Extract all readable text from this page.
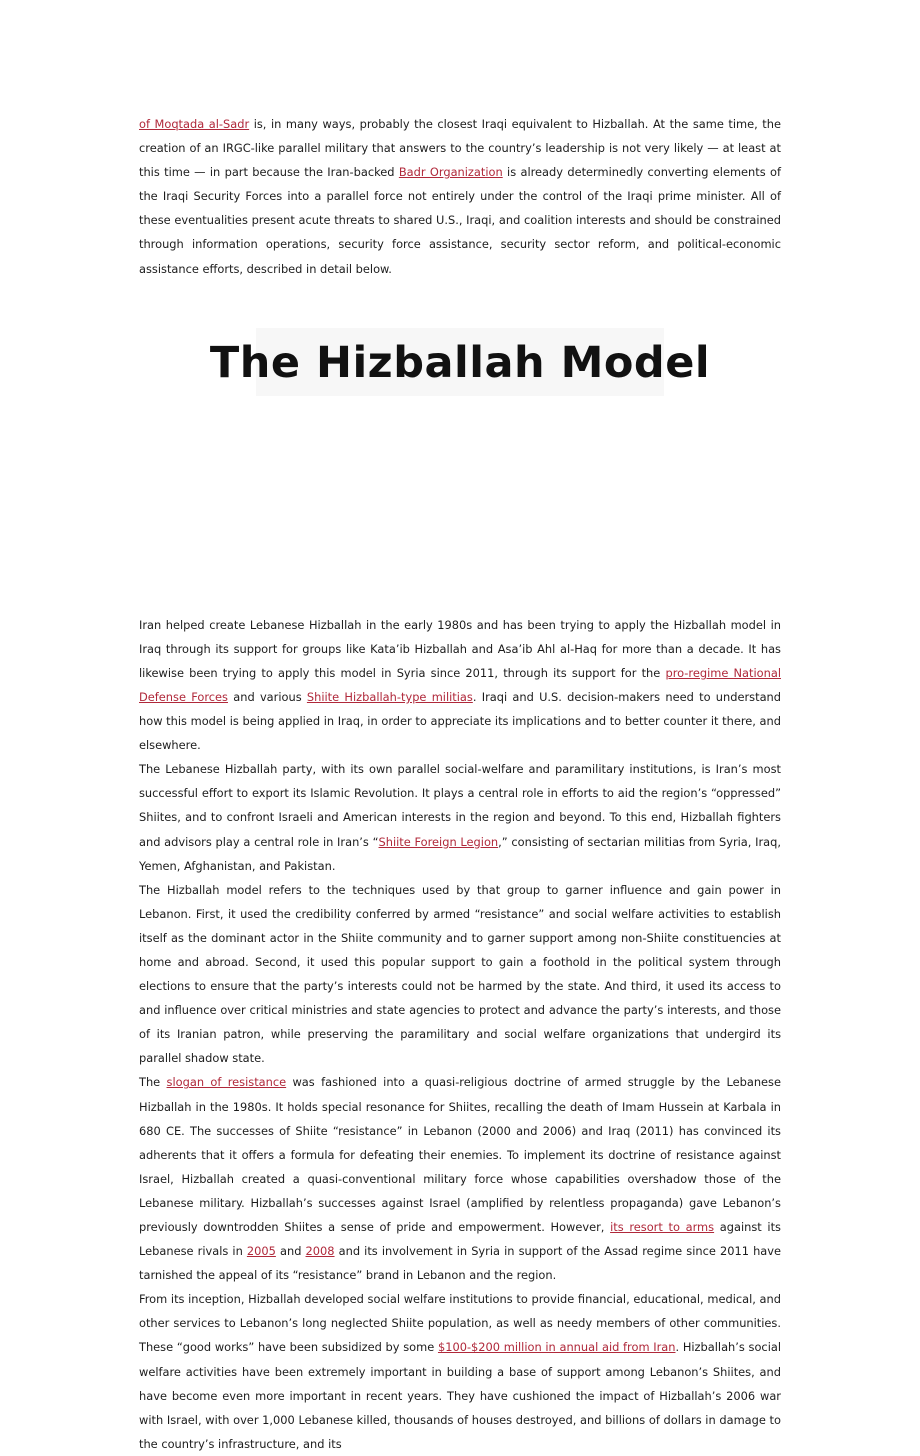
of Moqtada al-Sadr is, in many ways, probably the closest Iraqi equivalent to Hizballah. At the same time, the creation of an IRGC-like parallel military that answers to the country’s leadership is not very likely — at least at this time — in part because the Iran-backed Badr Organization is already determinedly converting elements of the Iraqi Security Forces into a parallel force not entirely under the control of the Iraqi prime minister. All of these eventualities present acute threats to shared U.S., Iraqi, and coalition interests and should be constrained through information operations, security force assistance, security sector reform, and political-economic assistance efforts, described in detail below.

The Hizballah Model

Iran helped create Lebanese Hizballah in the early 1980s and has been trying to apply the Hizballah model in Iraq through its support for groups like Kata’ib Hizballah and Asa’ib Ahl al-Haq for more than a decade. It has likewise been trying to apply this model in Syria since 2011, through its support for the pro-regime National Defense Forces and various Shiite Hizballah-type militias. Iraqi and U.S. decision-makers need to understand how this model is being applied in Iraq, in order to appreciate its implications and to better counter it there, and elsewhere.

The Lebanese Hizballah party, with its own parallel social-welfare and paramilitary institutions, is Iran’s most successful effort to export its Islamic Revolution. It plays a central role in efforts to aid the region’s “oppressed” Shiites, and to confront Israeli and American interests in the region and beyond. To this end, Hizballah fighters and advisors play a central role in Iran’s “Shiite Foreign Legion,” consisting of sectarian militias from Syria, Iraq, Yemen, Afghanistan, and Pakistan.

The Hizballah model refers to the techniques used by that group to garner influence and gain power in Lebanon. First, it used the credibility conferred by armed “resistance” and social welfare activities to establish itself as the dominant actor in the Shiite community and to garner support among non-Shiite constituencies at home and abroad. Second, it used this popular support to gain a foothold in the political system through elections to ensure that the party’s interests could not be harmed by the state. And third, it used its access to and influence over critical ministries and state agencies to protect and advance the party’s interests, and those of its Iranian patron, while preserving the paramilitary and social welfare organizations that undergird its parallel shadow state.

The slogan of resistance was fashioned into a quasi-religious doctrine of armed struggle by the Lebanese Hizballah in the 1980s. It holds special resonance for Shiites, recalling the death of Imam Hussein at Karbala in 680 CE. The successes of Shiite “resistance” in Lebanon (2000 and 2006) and Iraq (2011) has convinced its adherents that it offers a formula for defeating their enemies. To implement its doctrine of resistance against Israel, Hizballah created a quasi-conventional military force whose capabilities overshadow those of the Lebanese military. Hizballah’s successes against Israel (amplified by relentless propaganda) gave Lebanon’s previously downtrodden Shiites a sense of pride and empowerment. However, its resort to arms against its Lebanese rivals in 2005 and 2008 and its involvement in Syria in support of the Assad regime since 2011 have tarnished the appeal of its “resistance” brand in Lebanon and the region.

From its inception, Hizballah developed social welfare institutions to provide financial, educational, medical, and other services to Lebanon’s long neglected Shiite population, as well as needy members of other communities. These “good works” have been subsidized by some $100-$200 million in annual aid from Iran. Hizballah’s social welfare activities have been extremely important in building a base of support among Lebanon’s Shiites, and have become even more important in recent years. They have cushioned the impact of Hizballah’s 2006 war with Israel, with over 1,000 Lebanese killed, thousands of houses destroyed, and billions of dollars in damage to the country’s infrastructure, and its
